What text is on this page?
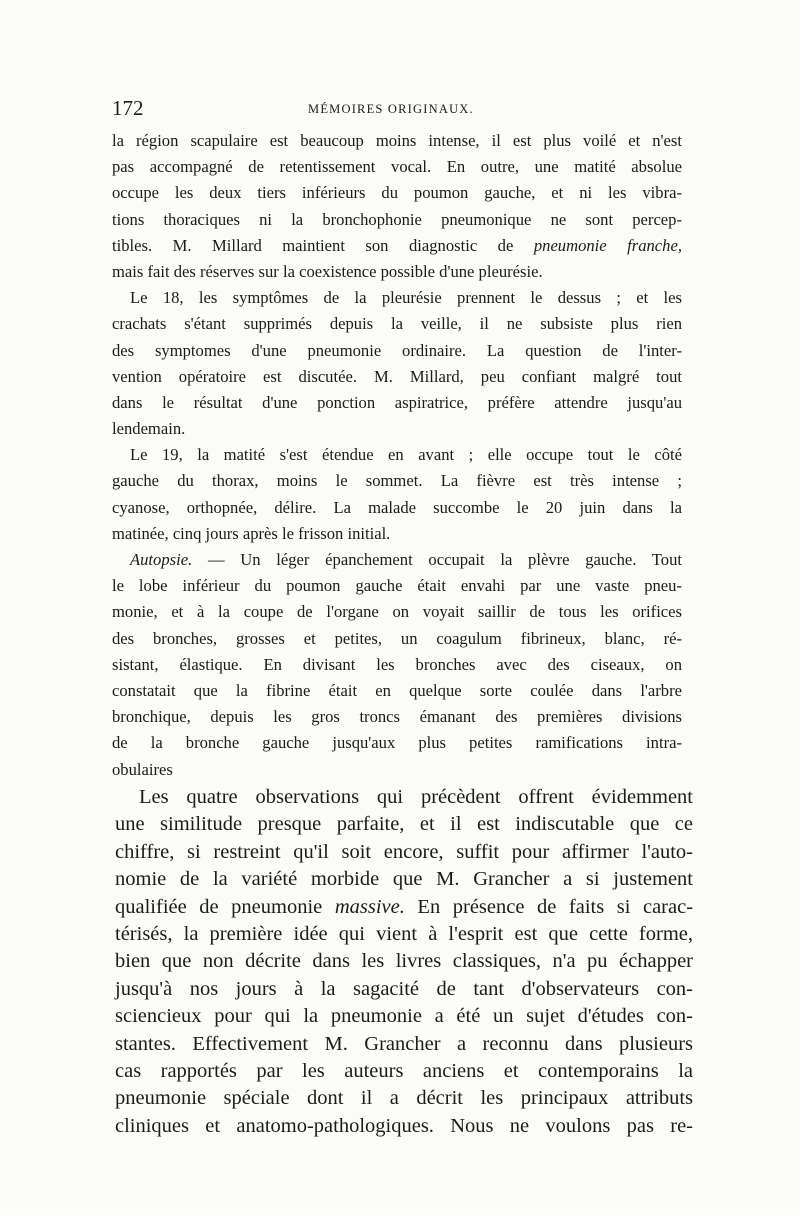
172	MÉMOIRES ORIGINAUX.
la région scapulaire est beaucoup moins intense, il est plus voilé et n'est
pas accompagné de retentissement vocal. En outre, une matité absolue
occupe les deux tiers inférieurs du poumon gauche, et ni les vibra-
tions thoraciques ni la bronchophonie pneumonique ne sont percep-
tibles. M. Millard maintient son diagnostic de pneumonie franche,
mais fait des réserves sur la coexistence possible d'une pleurésie.
Le 18, les symptômes de la pleurésie prennent le dessus ; et les
crachats s'étant supprimés depuis la veille, il ne subsiste plus rien
des symptomes d'une pneumonie ordinaire. La question de l'inter-
vention opératoire est discutée. M. Millard, peu confiant malgré tout
dans le résultat d'une ponction aspiratrice, préfère attendre jusqu'au
lendemain.
Le 19, la matité s'est étendue en avant ; elle occupe tout le côté
gauche du thorax, moins le sommet. La fièvre est très intense ;
cyanose, orthopnée, délire. La malade succombe le 20 juin dans la
matinée, cinq jours après le frisson initial.
Autopsie. — Un léger épanchement occupait la plèvre gauche. Tout
le lobe inférieur du poumon gauche était envahi par une vaste pneu-
monie, et à la coupe de l'organe on voyait saillir de tous les orifices
des bronches, grosses et petites, un coagulum fibrineux, blanc, ré-
sistant, élastique. En divisant les bronches avec des ciseaux, on
constatait que la fibrine était en quelque sorte coulée dans l'arbre
bronchique, depuis les gros troncs émanant des premières divisions
de la bronche gauche jusqu'aux plus petites ramifications intra-
obulaires
Les quatre observations qui précèdent offrent évidemment
une similitude presque parfaite, et il est indiscutable que ce
chiffre, si restreint qu'il soit encore, suffit pour affirmer l'auto-
nomie de la variété morbide que M. Grancher a si justement
qualifiée de pneumonie massive. En présence de faits si carac-
térisés, la première idée qui vient à l'esprit est que cette forme,
bien que non décrite dans les livres classiques, n'a pu échapper
jusqu'à nos jours à la sagacité de tant d'observateurs con-
sciencieux pour qui la pneumonie a été un sujet d'études con-
stantes. Effectivement M. Grancher a reconnu dans plusieurs
cas rapportés par les auteurs anciens et contemporains la
pneumonie spéciale dont il a décrit les principaux attributs
cliniques et anatomo-pathologiques. Nous ne voulons pas re-
